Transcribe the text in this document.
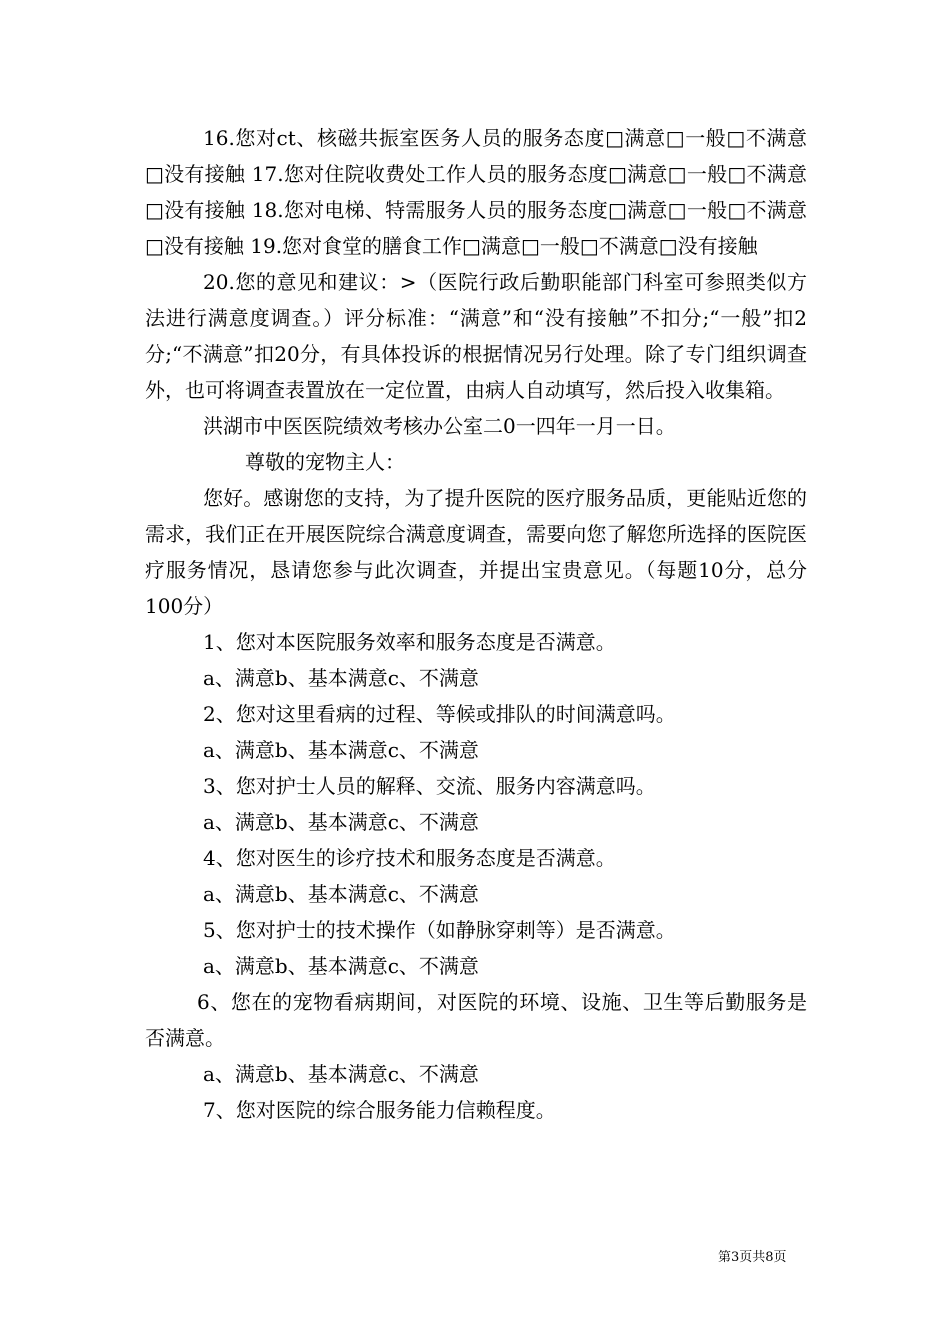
16.您对ct、核磁共振室医务人员的服务态度□满意□一般□不满意□没有接触 17.您对住院收费处工作人员的服务态度□满意□一般□不满意□没有接触 18.您对电梯、特需服务人员的服务态度□满意□一般□不满意□没有接触 19.您对食堂的膳食工作□满意□一般□不满意□没有接触

20.您的意见和建议：>（医院行政后勤职能部门科室可参照类似方法进行满意度调查。）评分标准：“满意”和“没有接触”不扣分;“一般”扣2分;“不满意”扣20分，有具体投诉的根据情况另行处理。除了专门组织调查外，也可将调查表置放在一定位置，由病人自动填写，然后投入收集箱。

洪湖市中医医院绩效考核办公室二0一四年一月一日。

尊敬的宠物主人：

您好。感谢您的支持，为了提升医院的医疗服务品质，更能贴近您的需求，我们正在开展医院综合满意度调查，需要向您了解您所选择的医院医疗服务情况，恳请您参与此次调查，并提出宝贵意见。（每题10分，总分100分）

1、您对本医院服务效率和服务态度是否满意。

a、满意b、基本满意c、不满意

2、您对这里看病的过程、等候或排队的时间满意吗。

a、满意b、基本满意c、不满意

3、您对护士人员的解释、交流、服务内容满意吗。

a、满意b、基本满意c、不满意

4、您对医生的诊疗技术和服务态度是否满意。

a、满意b、基本满意c、不满意

5、您对护士的技术操作（如静脉穿刺等）是否满意。

a、满意b、基本满意c、不满意

6、您在的宠物看病期间，对医院的环境、设施、卫生等后勤服务是否满意。

a、满意b、基本满意c、不满意

7、您对医院的综合服务能力信赖程度。

第3页共8页
